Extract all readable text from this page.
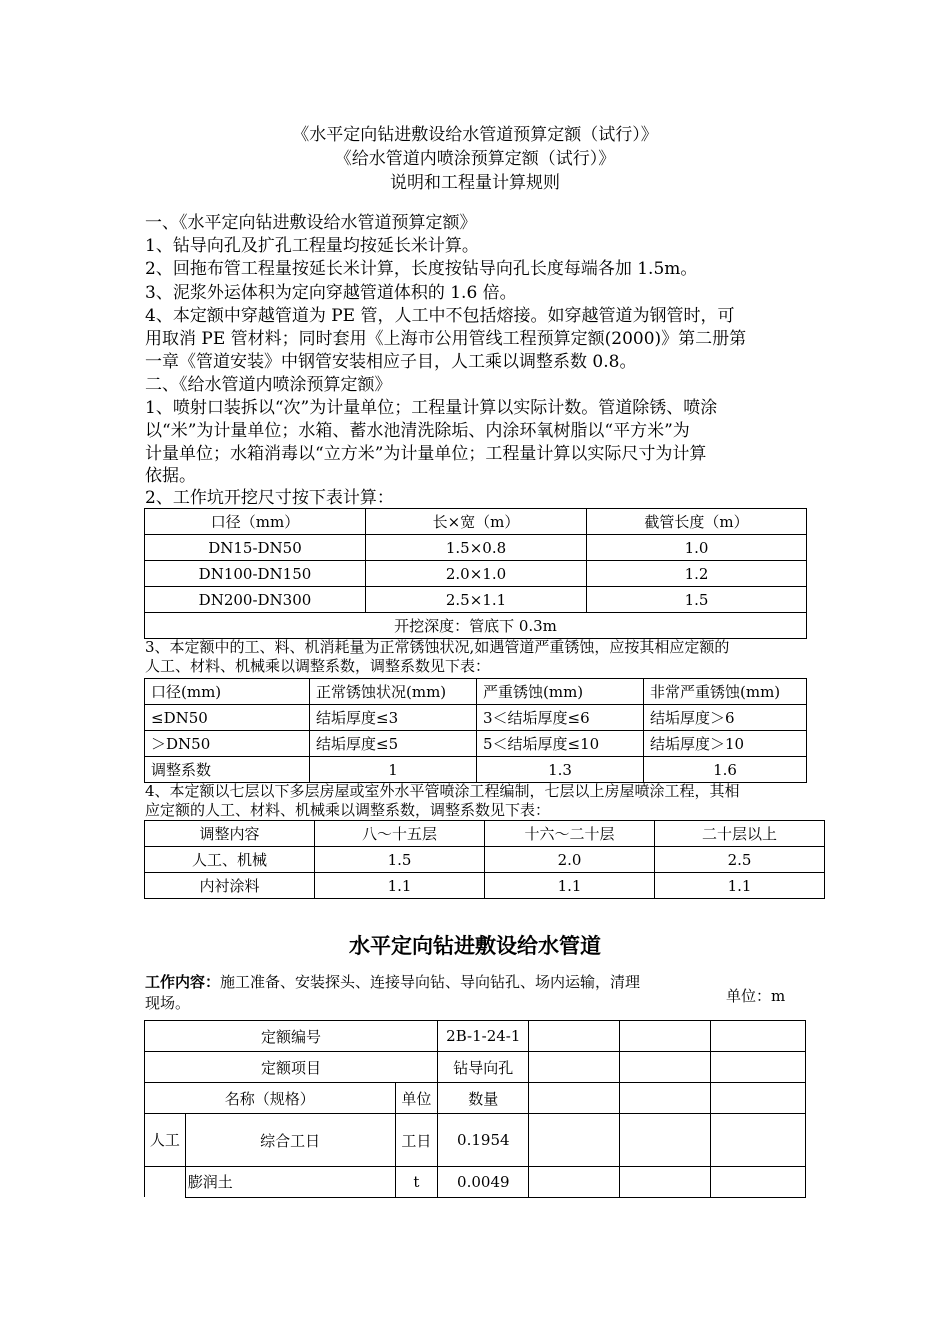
《水平定向钻进敷设给水管道预算定额（试行）》
《给水管道内喷涂预算定额（试行）》
说明和工程量计算规则
一、《水平定向钻进敷设给水管道预算定额》
1、钻导向孔及扩孔工程量均按延长米计算。
2、回拖布管工程量按延长米计算，长度按钻导向孔长度每端各加 1.5m。
3、泥浆外运体积为定向穿越管道体积的 1.6 倍。
4、本定额中穿越管道为 PE 管，人工中不包括熔接。如穿越管道为钢管时，可
用取消 PE 管材料；同时套用《上海市公用管线工程预算定额(2000)》第二册第
一章《管道安装》中钢管安装相应子目，人工乘以调整系数 0.8。
二、《给水管道内喷涂预算定额》
1、喷射口装拆以“次”为计量单位；工程量计算以实际计数。管道除锈、喷涂
以“米”为计量单位；水箱、蓄水池清洗除垢、内涂环氧树脂以“平方米”为
计量单位；水箱消毒以“立方米”为计量单位；工程量计算以实际尺寸为计算
依据。
2、工作坑开挖尺寸按下表计算：
口径（mm）	长×宽（m）	截管长度（m）
DN15-DN50	1.5×0.8	1.0
DN100-DN150	2.0×1.0	1.2
DN200-DN300	2.5×1.1	1.5
开挖深度：管底下 0.3m		
3、本定额中的工、料、机消耗量为正常锈蚀状况,如遇管道严重锈蚀，应按其相应定额的
人工、材料、机械乘以调整系数，调整系数见下表：
口径(mm)	正常锈蚀状况(mm)	严重锈蚀(mm)	非常严重锈蚀(mm)
≤DN50	结垢厚度≤3	3＜结垢厚度≤6	结垢厚度＞6
＞DN50	结垢厚度≤5	5＜结垢厚度≤10	结垢厚度＞10
调整系数	1	1.3	1.6
4、本定额以七层以下多层房屋或室外水平管喷涂工程编制，七层以上房屋喷涂工程，其相
应定额的人工、材料、机械乘以调整系数，调整系数见下表：
调整内容	八～十五层	十六～二十层	二十层以上
人工、机械	1.5	2.0	2.5
内衬涂料	1.1	1.1	1.1
水平定向钻进敷设给水管道
工作内容：施工准备、安装探头、连接导向钻、导向钻孔、场内运输，清理
现场。	单位：m
定额编号			2B-1-24-1			
定额项目			钻导向孔			
名称（规格）		单位	数量			
人工	综合工日	工日	0.1954			
	膨润土	t	0.0049			
